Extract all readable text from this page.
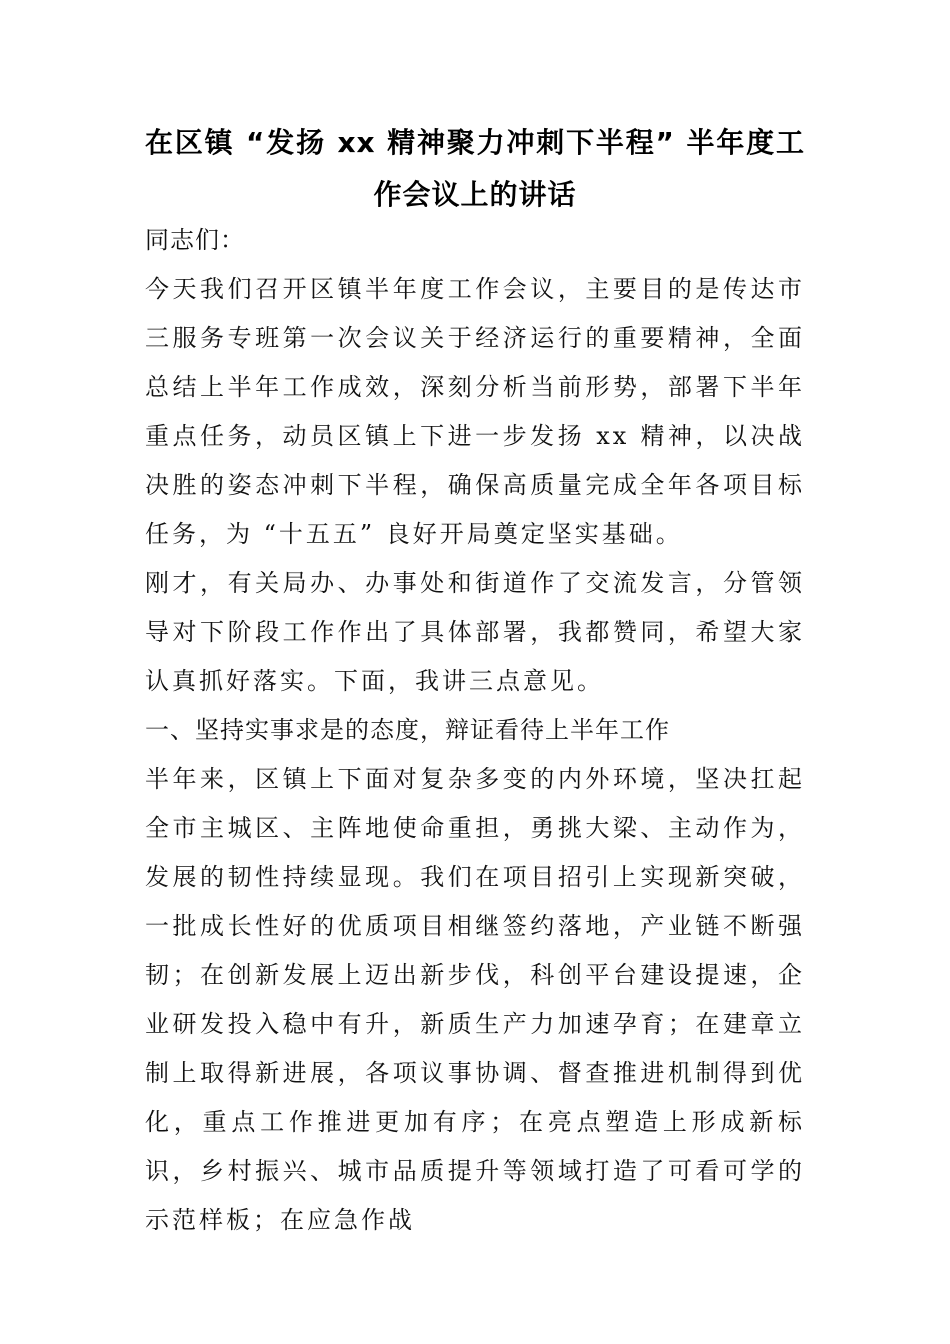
在区镇 “发扬 xx 精神聚力冲刺下半程” 半年度工作会议上的讲话

同志们：

今天我们召开区镇半年度工作会议，主要目的是传达市三服务专班第一次会议关于经济运行的重要精神，全面总结上半年工作成效，深刻分析当前形势，部署下半年重点任务，动员区镇上下进一步发扬 xx 精神，以决战决胜的姿态冲刺下半程，确保高质量完成全年各项目标任务，为 “十五五” 良好开局奠定坚实基础。

刚才，有关局办、办事处和街道作了交流发言，分管领导对下阶段工作作出了具体部署，我都赞同，希望大家认真抓好落实。下面，我讲三点意见。

一、坚持实事求是的态度，辩证看待上半年工作

半年来，区镇上下面对复杂多变的内外环境，坚决扛起全市主城区、主阵地使命重担，勇挑大梁、主动作为，发展的韧性持续显现。我们在项目招引上实现新突破，一批成长性好的优质项目相继签约落地，产业链不断强韧；在创新发展上迈出新步伐，科创平台建设提速，企业研发投入稳中有升，新质生产力加速孕育；在建章立制上取得新进展，各项议事协调、督查推进机制得到优化，重点工作推进更加有序；在亮点塑造上形成新标识，乡村振兴、城市品质提升等领域打造了可看可学的示范样板；在应急作战
